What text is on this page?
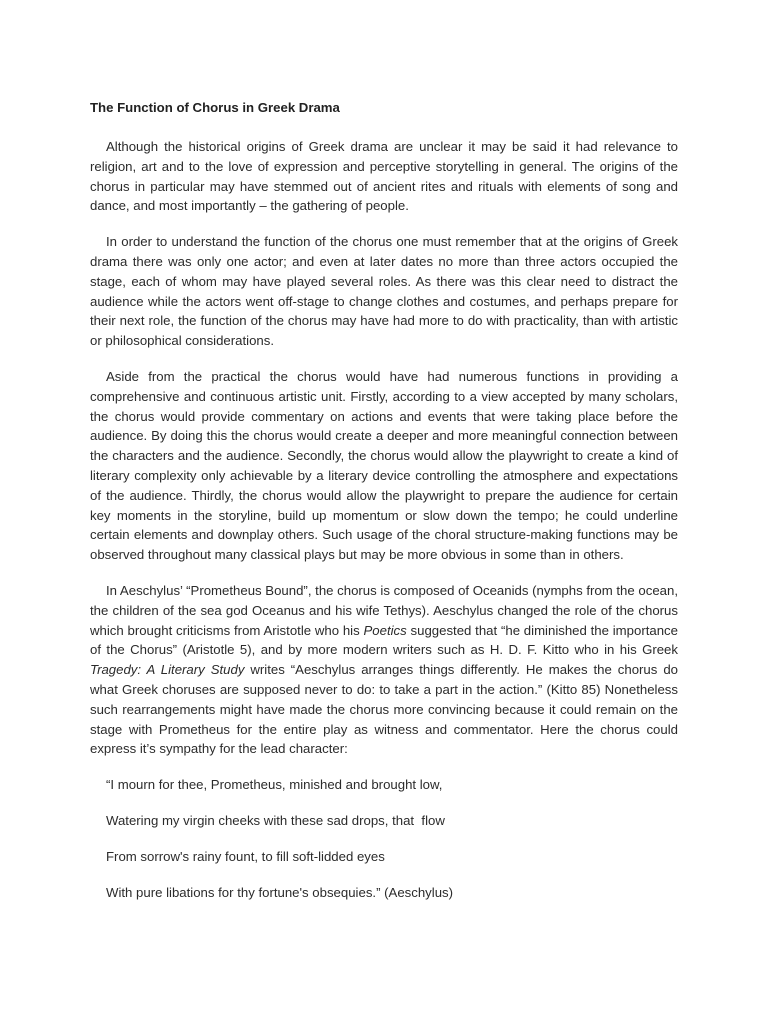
The Function of Chorus in Greek Drama

Although the historical origins of Greek drama are unclear it may be said it had relevance to religion, art and to the love of expression and perceptive storytelling in general. The origins of the chorus in particular may have stemmed out of ancient rites and rituals with elements of song and dance, and most importantly – the gathering of people.

In order to understand the function of the chorus one must remember that at the origins of Greek drama there was only one actor; and even at later dates no more than three actors occupied the stage, each of whom may have played several roles. As there was this clear need to distract the audience while the actors went off-stage to change clothes and costumes, and perhaps prepare for their next role, the function of the chorus may have had more to do with practicality, than with artistic or philosophical considerations.

Aside from the practical the chorus would have had numerous functions in providing a comprehensive and continuous artistic unit. Firstly, according to a view accepted by many scholars, the chorus would provide commentary on actions and events that were taking place before the audience. By doing this the chorus would create a deeper and more meaningful connection between the characters and the audience. Secondly, the chorus would allow the playwright to create a kind of literary complexity only achievable by a literary device controlling the atmosphere and expectations of the audience. Thirdly, the chorus would allow the playwright to prepare the audience for certain key moments in the storyline, build up momentum or slow down the tempo; he could underline certain elements and downplay others. Such usage of the choral structure-making functions may be observed throughout many classical plays but may be more obvious in some than in others.

In Aeschylus’ “Prometheus Bound”, the chorus is composed of Oceanids (nymphs from the ocean, the children of the sea god Oceanus and his wife Tethys). Aeschylus changed the role of the chorus which brought criticisms from Aristotle who his Poetics suggested that “he diminished the importance of the Chorus” (Aristotle 5), and by more modern writers such as H. D. F. Kitto who in his Greek Tragedy: A Literary Study writes “Aeschylus arranges things differently. He makes the chorus do what Greek choruses are supposed never to do: to take a part in the action.” (Kitto 85) Nonetheless such rearrangements might have made the chorus more convincing because it could remain on the stage with Prometheus for the entire play as witness and commentator. Here the chorus could express it’s sympathy for the lead character:

“I mourn for thee, Prometheus, minished and brought low,
Watering my virgin cheeks with these sad drops, that  flow
From sorrow's rainy fount, to fill soft-lidded eyes
With pure libations for thy fortune's obsequies.” (Aeschylus)
